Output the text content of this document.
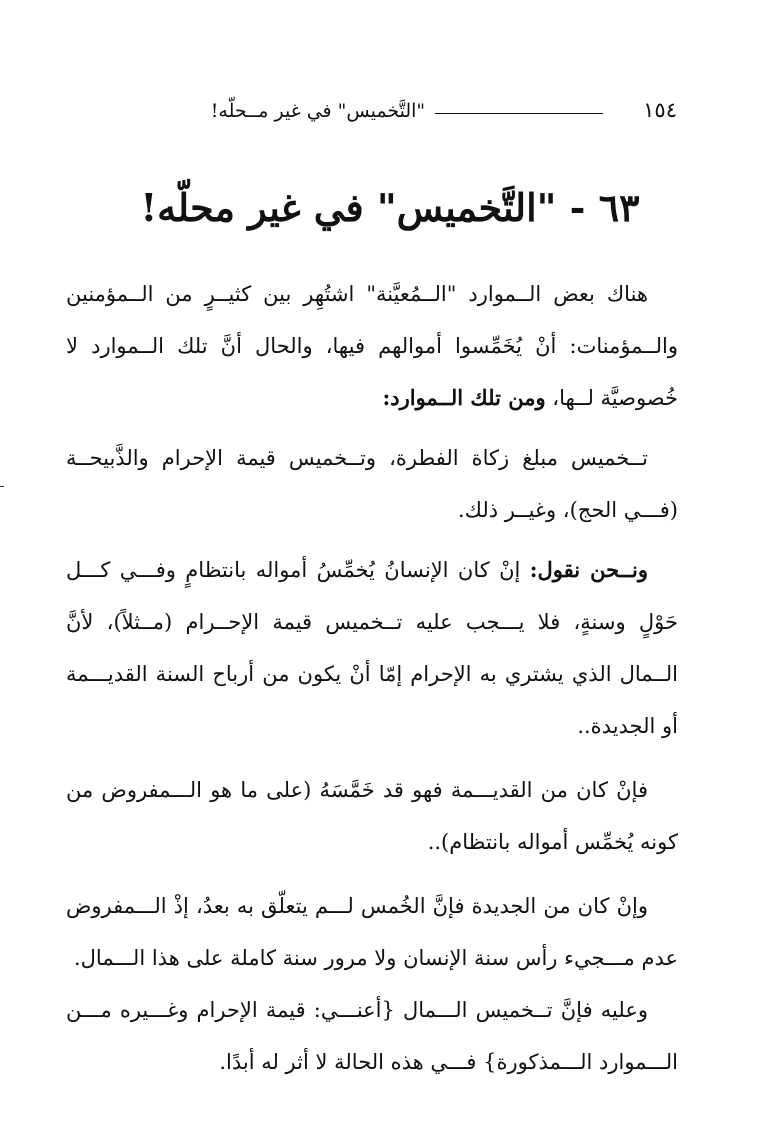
١٥٤
"التَّخميس" في غير مــحلّه!
٦٣ - "التَّخميس" في غير محلّه!

هناك بعض الــموارد "الــمُعيَّنة" اشتُهِر بين كثيــرٍ من الــمؤمنين والــمؤمنات: أنْ يُخَمِّسوا أموالهم فيها، والحال أنَّ تلك الــموارد لا خُصوصيَّة لــها، ومن تلك الــموارد:

تــخميس مبلغ زكاة الفطرة، وتــخميس قيمة الإحرام والذَّبيحــة (فـــي الحج)، وغيــر ذلك.

ونــحن نقول: إنْ كان الإنسانُ يُخمِّسُ أمواله بانتظامٍ وفـــي كـــل حَوْلٍ وسنةٍ، فلا يـــجب عليه تــخميس قيمة الإحــرام (مــثلاً)، لأنَّ الــمال الذي يشتري به الإحرام إمّا أنْ يكون من أرباح السنة القديـــمة أو الجديدة..

فإنْ كان من القديـــمة فهو قد خَمَّسَهُ (على ما هو الـــمفروض من كونه يُخمِّس أمواله بانتظام)..

وإنْ كان من الجديدة فإنَّ الخُمس لـــم يتعلّق به بعدُ، إذْ الـــمفروض عدم مـــجيء رأس سنة الإنسان ولا مرور سنة كاملة على هذا الـــمال.

وعليه فإنَّ تــخميس الـــمال {أعنـــي: قيمة الإحرام وغـــيره مـــن الـــموارد الـــمذكورة} فـــي هذه الحالة لا أثر له أبدًا.
